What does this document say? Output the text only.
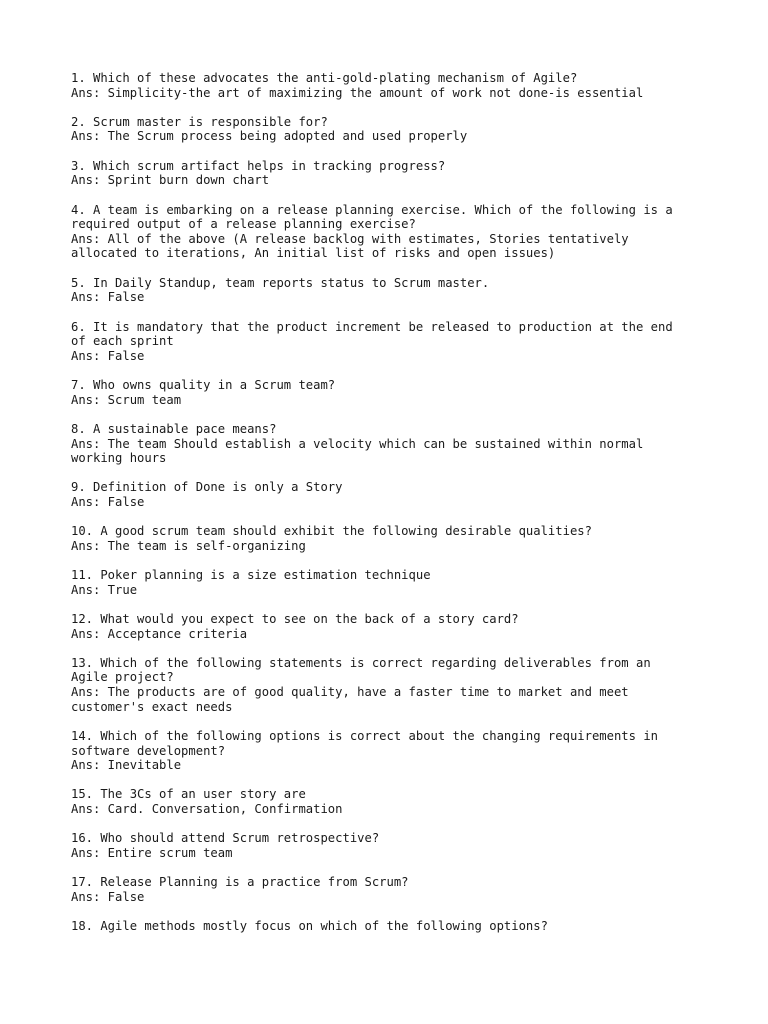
1. Which of these advocates the anti-gold-plating mechanism of Agile?
Ans: Simplicity-the art of maximizing the amount of work not done-is essential
2. Scrum master is responsible for?
Ans: The Scrum process being adopted and used properly
3. Which scrum artifact helps in tracking progress?
Ans: Sprint burn down chart
4. A team is embarking on a release planning exercise. Which of the following is a
required output of a release planning exercise?
Ans: All of the above (A release backlog with estimates, Stories tentatively
allocated to iterations, An initial list of risks and open issues)
5. In Daily Standup, team reports status to Scrum master.
Ans: False
6. It is mandatory that the product increment be released to production at the end
of each sprint
Ans: False
7. Who owns quality in a Scrum team?
Ans: Scrum team
8. A sustainable pace means?
Ans: The team Should establish a velocity which can be sustained within normal
working hours
9. Definition of Done is only a Story
Ans: False
10. A good scrum team should exhibit the following desirable qualities?
Ans: The team is self-organizing
11. Poker planning is a size estimation technique
Ans: True
12. What would you expect to see on the back of a story card?
Ans: Acceptance criteria
13. Which of the following statements is correct regarding deliverables from an
Agile project?
Ans: The products are of good quality, have a faster time to market and meet
customer's exact needs
14. Which of the following options is correct about the changing requirements in
software development?
Ans: Inevitable
15. The 3Cs of an user story are
Ans: Card. Conversation, Confirmation
16. Who should attend Scrum retrospective?
Ans: Entire scrum team
17. Release Planning is a practice from Scrum?
Ans: False
18. Agile methods mostly focus on which of the following options?
